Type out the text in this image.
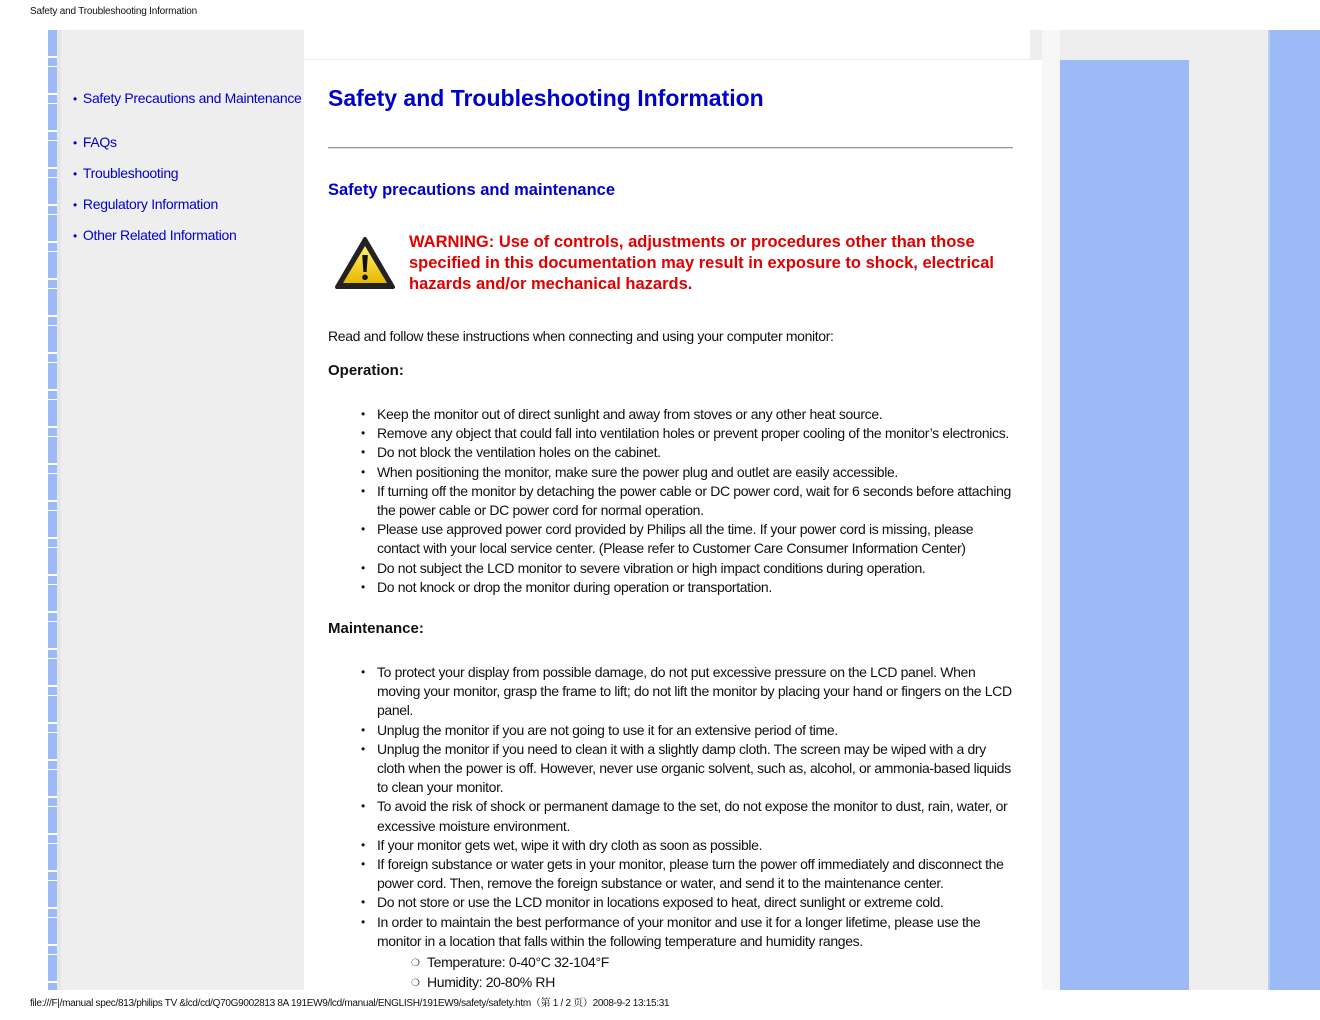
Safety and Troubleshooting Information
• Safety Precautions and Maintenance
• FAQs
• Troubleshooting
• Regulatory Information
• Other Related Information
Safety and Troubleshooting Information
Safety precautions and maintenance

WARNING: Use of controls, adjustments or procedures other than those specified in this documentation may result in exposure to shock, electrical hazards and/or mechanical hazards.

Read and follow these instructions when connecting and using your computer monitor:

Operation:
• Keep the monitor out of direct sunlight and away from stoves or any other heat source.
• Remove any object that could fall into ventilation holes or prevent proper cooling of the monitor’s electronics.
• Do not block the ventilation holes on the cabinet.
• When positioning the monitor, make sure the power plug and outlet are easily accessible.
• If turning off the monitor by detaching the power cable or DC power cord, wait for 6 seconds before attaching the power cable or DC power cord for normal operation.
• Please use approved power cord provided by Philips all the time. If your power cord is missing, please contact with your local service center. (Please refer to Customer Care Consumer Information Center)
• Do not subject the LCD monitor to severe vibration or high impact conditions during operation.
• Do not knock or drop the monitor during operation or transportation.
Maintenance:
• To protect your display from possible damage, do not put excessive pressure on the LCD panel. When moving your monitor, grasp the frame to lift; do not lift the monitor by placing your hand or fingers on the LCD panel.
• Unplug the monitor if you are not going to use it for an extensive period of time.
• Unplug the monitor if you need to clean it with a slightly damp cloth. The screen may be wiped with a dry cloth when the power is off. However, never use organic solvent, such as, alcohol, or ammonia-based liquids to clean your monitor.
• To avoid the risk of shock or permanent damage to the set, do not expose the monitor to dust, rain, water, or excessive moisture environment.
• If your monitor gets wet, wipe it with dry cloth as soon as possible.
• If foreign substance or water gets in your monitor, please turn the power off immediately and disconnect the power cord. Then, remove the foreign substance or water, and send it to the maintenance center.
• Do not store or use the LCD monitor in locations exposed to heat, direct sunlight or extreme cold.
• In order to maintain the best performance of your monitor and use it for a longer lifetime, please use the monitor in a location that falls within the following temperature and humidity ranges.
❍ Temperature: 0-40°C 32-104°F
❍ Humidity: 20-80% RH
file:///F|/manual spec/813/philips TV &lcd/cd/Q70G9002813 8A 191EW9/lcd/manual/ENGLISH/191EW9/safety/safety.htm（第 1 / 2 页）2008-9-2 13:15:31
